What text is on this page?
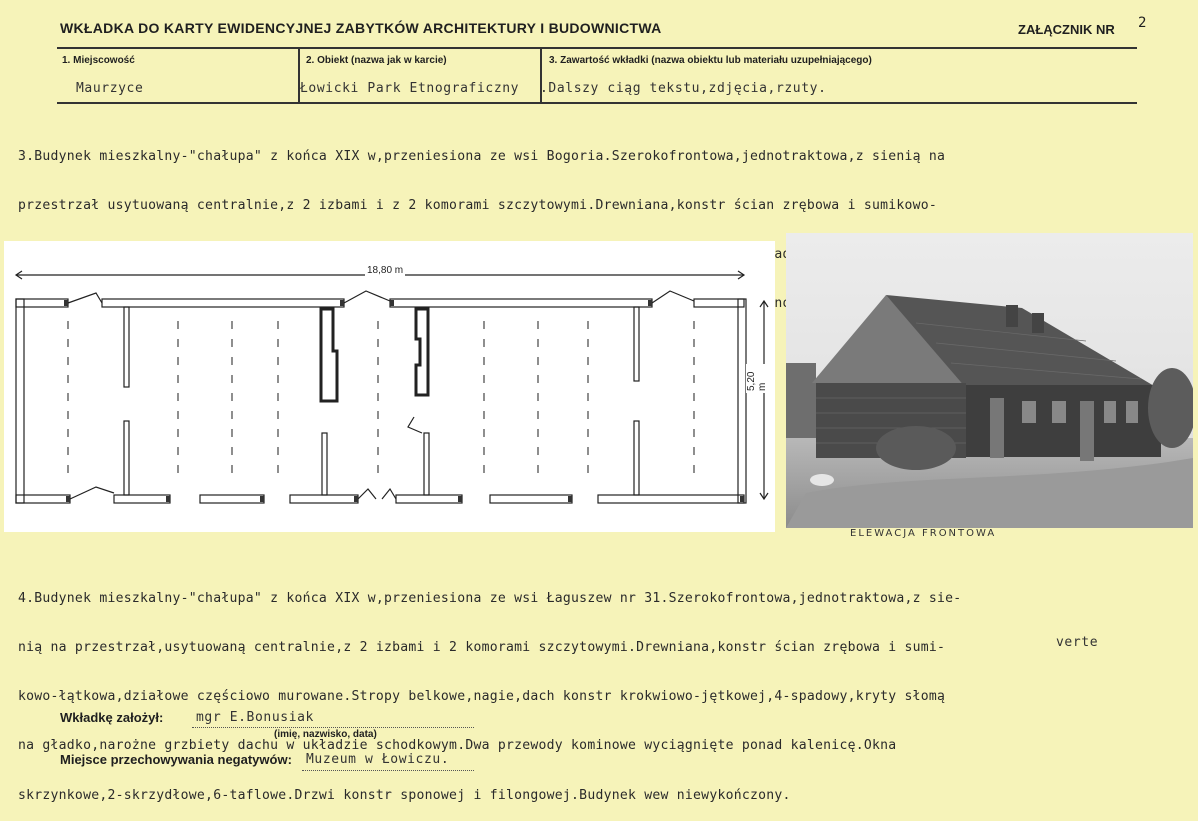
WKŁADKA DO KARTY EWIDENCYJNEJ ZABYTKÓW ARCHITEKTURY I BUDOWNICTWA	ZAŁĄCZNIK NR 2
1. Miejscowość
Maurzyce
2. Obiekt (nazwa jak w karcie)
Łowicki Park Etnograficzny
3. Zawartość wkładki (nazwa obiektu lub materiału uzupełniającego)
.Dalszy ciąg tekstu,zdjęcia,rzuty.

3.Budynek mieszkalny-"chałupa" z końca XIX w,przeniesiona ze wsi Bogoria.Szerokofrontowa,jednotraktowa,z sienią na

przestrzał usytuowaną centralnie,z 2 izbami i z 2 komorami szczytowymi.Drewniana,konstr ścian zrębowa i sumikowo-

18,80 m
5,20 m
ELEWACJA FRONTOWA

4.Budynek mieszkalny-"chałupa" z końca XIX w,przeniesiona ze wsi Łaguszew nr 31.Szerokofrontowa,jednotraktowa,z sie-

nią na przestrzał,usytuowaną centralnie,z 2 izbami i 2 komorami szczytowymi.Drewniana,konstr ścian zrębowa i sumi-

kowo-łątkowa,działowe częściowo murowane.Stropy belkowe,nagie,dach konstr krokwiowo-jętkowej,4-spadowy,kryty słomą

na gładko,narożne grzbiety dachu w układzie schodkowym.Dwa przewody kominowe wyciągnięte ponad kalenicę.Okna

skrzynkowe,2-skrzydłowe,6-taflowe.Drzwi konstr sponowej i filongowej.Budynek wew niewykończony.

verte
Wkładkę założył:	mgr E.Bonusiak
(imię, nazwisko, data)
Miejsce przechowywania negatywów: Muzeum w Łowiczu.
